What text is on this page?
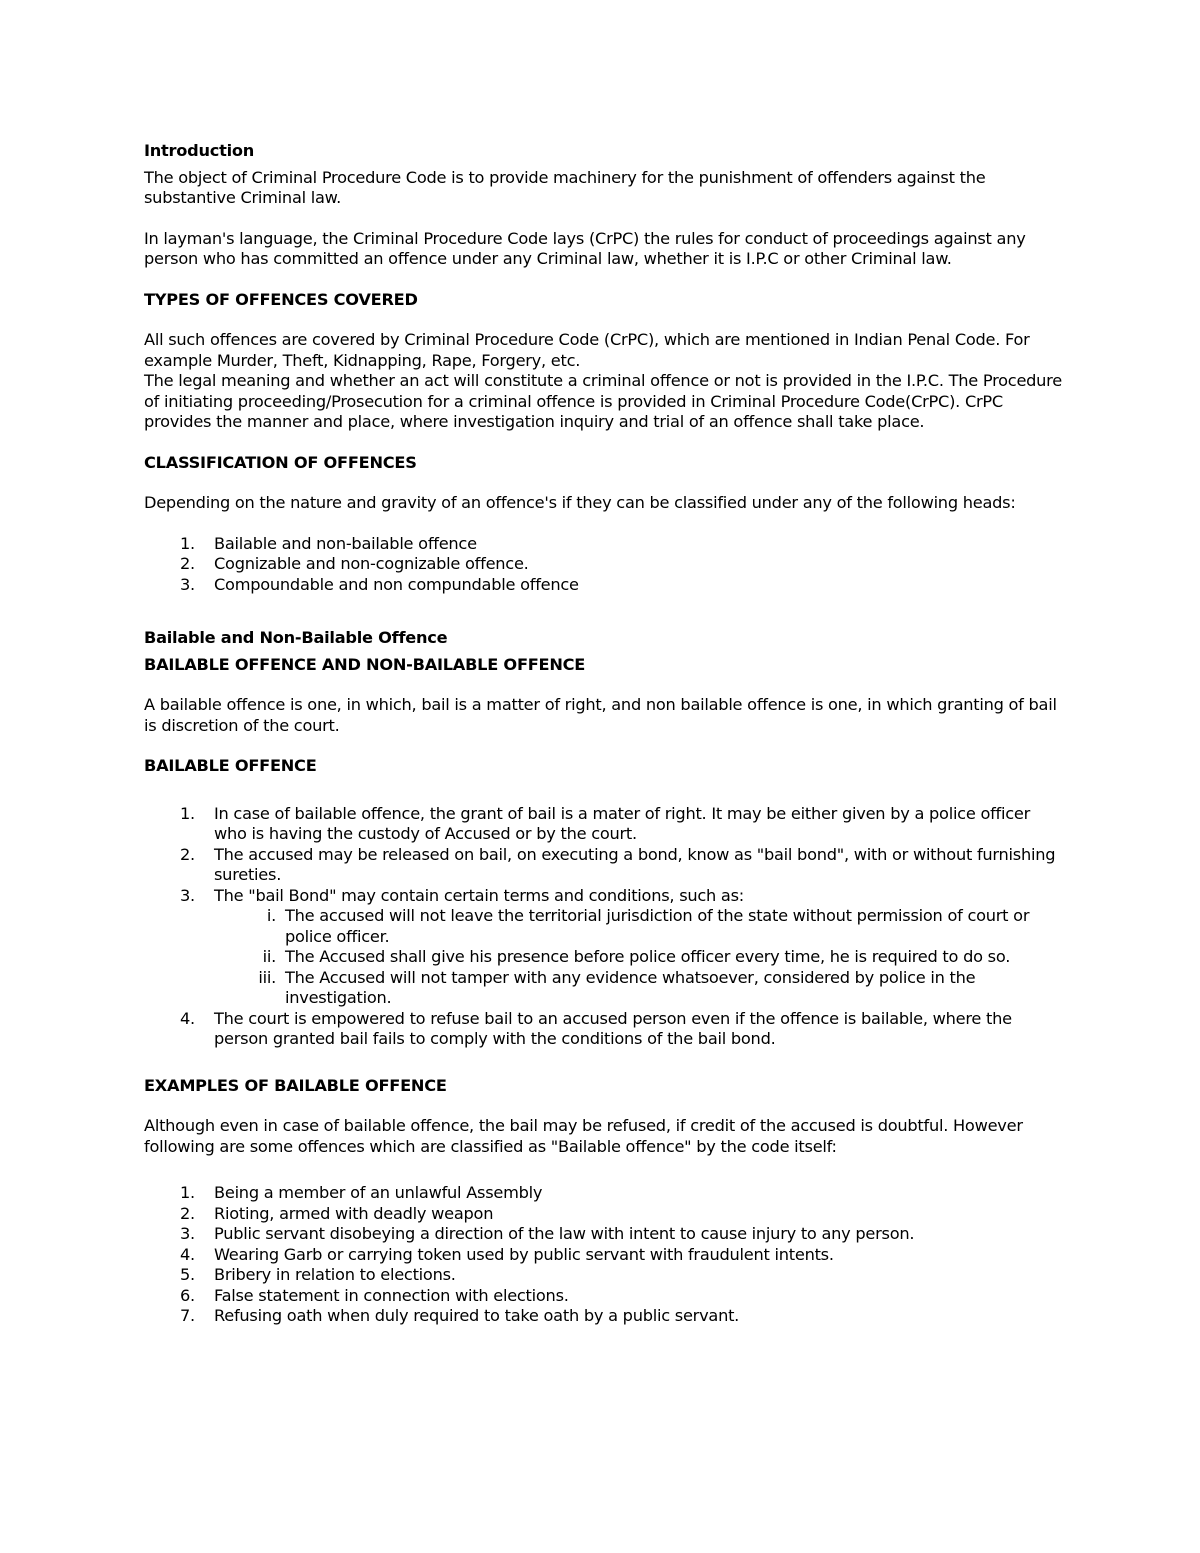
Introduction

The object of Criminal Procedure Code is to provide machinery for the punishment of offenders against the substantive Criminal law.

In layman's language, the Criminal Procedure Code lays (CrPC) the rules for conduct of proceedings against any person who has committed an offence under any Criminal law, whether it is I.P.C or other Criminal law.

TYPES OF OFFENCES COVERED

All such offences are covered by Criminal Procedure Code (CrPC), which are mentioned in Indian Penal Code. For example Murder, Theft, Kidnapping, Rape, Forgery, etc.

The legal meaning and whether an act will constitute a criminal offence or not is provided in the I.P.C. The Procedure of initiating proceeding/Prosecution for a criminal offence is provided in Criminal Procedure Code(CrPC). CrPC provides the manner and place, where investigation inquiry and trial of an offence shall take place.

CLASSIFICATION OF OFFENCES

Depending on the nature and gravity of an offence's if they can be classified under any of the following heads:

1.	Bailable and non-bailable offence
2.	Cognizable and non-cognizable offence.
3.	Compoundable and non compundable offence

Bailable and Non-Bailable Offence

BAILABLE OFFENCE AND NON-BAILABLE OFFENCE

A bailable offence is one, in which, bail is a matter of right, and non bailable offence is one, in which granting of bail is discretion of the court.

BAILABLE OFFENCE

1.	In case of bailable offence, the grant of bail is a mater of right. It may be either given by a police officer who is having the custody of Accused or by the court.
2.	The accused may be released on bail, on executing a bond, know as "bail bond", with or without furnishing sureties.
3.	The "bail Bond" may contain certain terms and conditions, such as:
i. The accused will not leave the territorial jurisdiction of the state without permission of court or police officer.
ii. The Accused shall give his presence before police officer every time, he is required to do so.
iii. The Accused will not tamper with any evidence whatsoever, considered by police in the investigation.
4.	The court is empowered to refuse bail to an accused person even if the offence is bailable, where the person granted bail fails to comply with the conditions of the bail bond.

EXAMPLES OF BAILABLE OFFENCE

Although even in case of bailable offence, the bail may be refused, if credit of the accused is doubtful. However following are some offences which are classified as "Bailable offence" by the code itself:

1.	Being a member of an unlawful Assembly
2.	Rioting, armed with deadly weapon
3.	Public servant disobeying a direction of the law with intent to cause injury to any person.
4.	Wearing Garb or carrying token used by public servant with fraudulent intents.
5.	Bribery in relation to elections.
6.	False statement in connection with elections.
7.	Refusing oath when duly required to take oath by a public servant.
